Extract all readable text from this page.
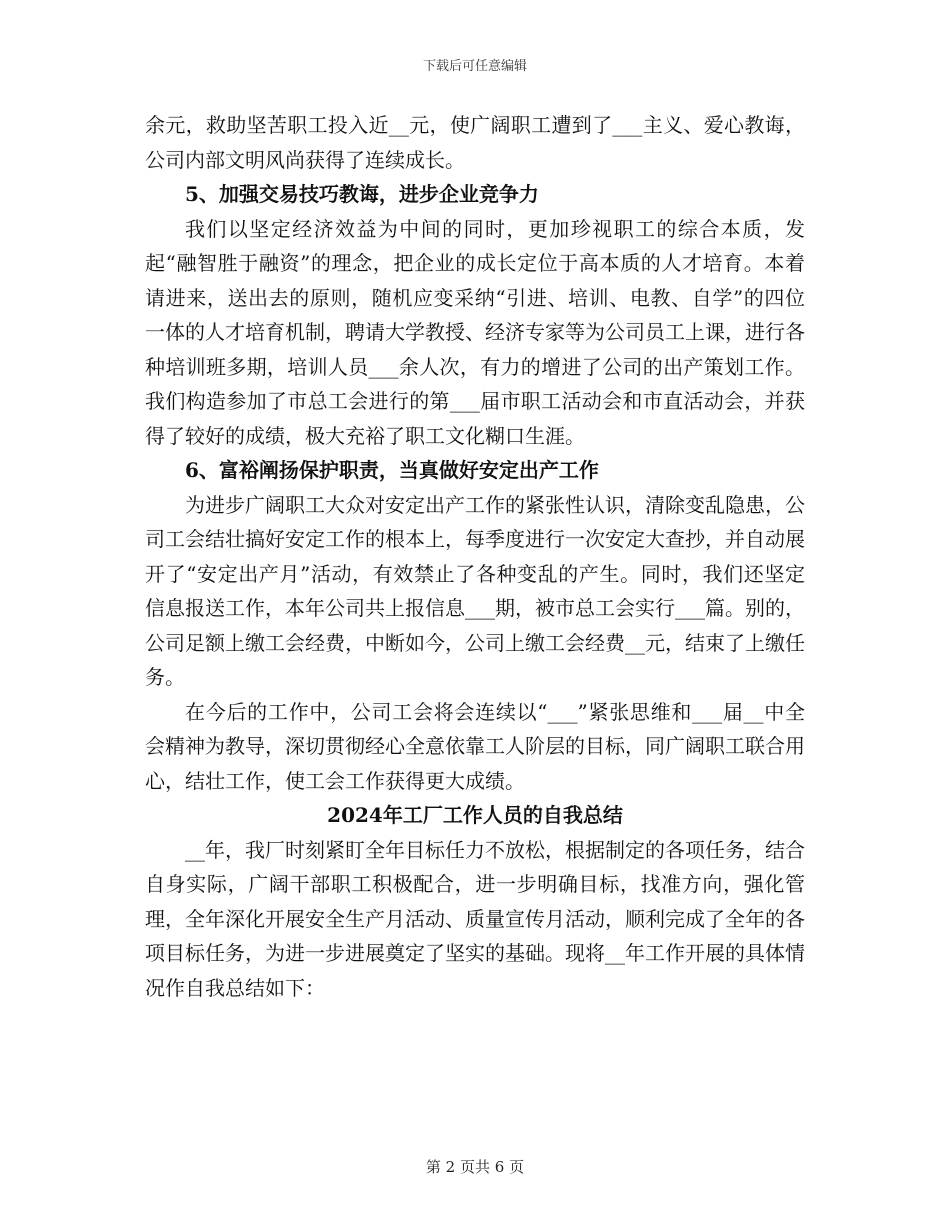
下载后可任意编辑

余元，救助坚苦职工投入近__元，使广阔职工遭到了___主义、爱心教诲，公司内部文明风尚获得了连续成长。

5、加强交易技巧教诲，进步企业竞争力

我们以坚定经济效益为中间的同时，更加珍视职工的综合本质，发起“融智胜于融资”的理念，把企业的成长定位于高本质的人才培育。本着请进来，送出去的原则，随机应变采纳“引进、培训、电教、自学”的四位一体的人才培育机制，聘请大学教授、经济专家等为公司员工上课，进行各种培训班多期，培训人员___余人次，有力的增进了公司的出产策划工作。我们构造参加了市总工会进行的第___届市职工活动会和市直活动会，并获得了较好的成绩，极大充裕了职工文化糊口生涯。

6、富裕阐扬保护职责，当真做好安定出产工作

为进步广阔职工大众对安定出产工作的紧张性认识，清除变乱隐患，公司工会结壮搞好安定工作的根本上，每季度进行一次安定大查抄，并自动展开了“安定出产月”活动，有效禁止了各种变乱的产生。同时，我们还坚定信息报送工作，本年公司共上报信息___期，被市总工会实行___篇。别的，公司足额上缴工会经费，中断如今，公司上缴工会经费__元，结束了上缴任务。

在今后的工作中，公司工会将会连续以“___”紧张思维和___届__中全会精神为教导，深切贯彻经心全意依靠工人阶层的目标，同广阔职工联合用心，结壮工作，使工会工作获得更大成绩。

2024年工厂工作人员的自我总结

__年，我厂时刻紧盯全年目标任力不放松，根据制定的各项任务，结合自身实际，广阔干部职工积极配合，进一步明确目标，找准方向，强化管理，全年深化开展安全生产月活动、质量宣传月活动，顺利完成了全年的各项目标任务，为进一步进展奠定了坚实的基础。现将__年工作开展的具体情况作自我总结如下：

第 2 页共 6 页
